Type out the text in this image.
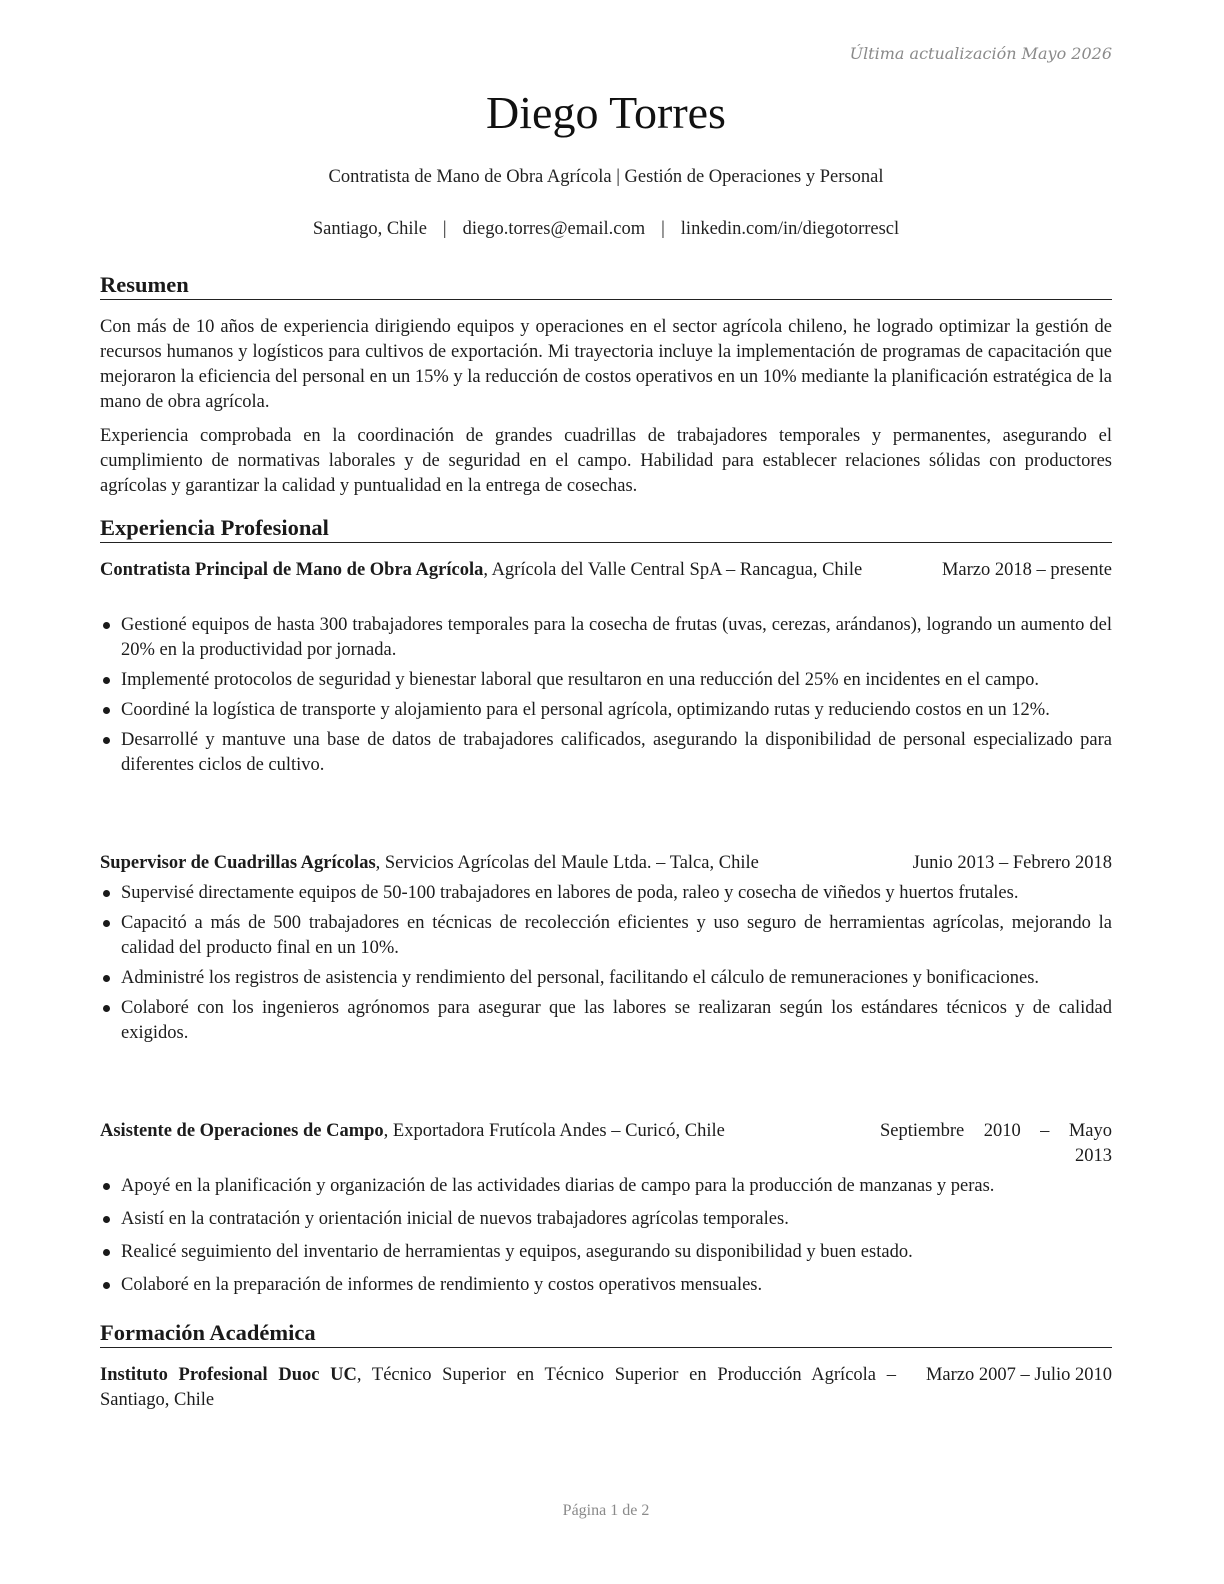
Última actualización Mayo 2026
Diego Torres
Contratista de Mano de Obra Agrícola | Gestión de Operaciones y Personal
Santiago, Chile | diego.torres@email.com | linkedin.com/in/diegotorrescl
Resumen
Con más de 10 años de experiencia dirigiendo equipos y operaciones en el sector agrícola chileno, he logrado optimizar la gestión de recursos humanos y logísticos para cultivos de exportación. Mi trayectoria incluye la implementación de programas de capacitación que mejoraron la eficiencia del personal en un 15% y la reducción de costos operativos en un 10% mediante la planificación estratégica de la mano de obra agrícola.
Experiencia comprobada en la coordinación de grandes cuadrillas de trabajadores temporales y permanentes, asegurando el cumplimiento de normativas laborales y de seguridad en el campo. Habilidad para establecer relaciones sólidas con productores agrícolas y garantizar la calidad y puntualidad en la entrega de cosechas.
Experiencia Profesional
Marzo 2018 – presente
Contratista Principal de Mano de Obra Agrícola, Agrícola del Valle Central SpA – Rancagua, Chile
Gestioné equipos de hasta 300 trabajadores temporales para la cosecha de frutas (uvas, cerezas, arándanos), logrando un aumento del 20% en la productividad por jornada.
Implementé protocolos de seguridad y bienestar laboral que resultaron en una reducción del 25% en incidentes en el campo.
Coordiné la logística de transporte y alojamiento para el personal agrícola, optimizando rutas y reduciendo costos en un 12%.
Desarrollé y mantuve una base de datos de trabajadores calificados, asegurando la disponibilidad de personal especializado para diferentes ciclos de cultivo.
Junio 2013 – Febrero 2018
Supervisor de Cuadrillas Agrícolas, Servicios Agrícolas del Maule Ltda. – Talca, Chile
Supervisé directamente equipos de 50-100 trabajadores en labores de poda, raleo y cosecha de viñedos y huertos frutales.
Capacitó a más de 500 trabajadores en técnicas de recolección eficientes y uso seguro de herramientas agrícolas, mejorando la calidad del producto final en un 10%.
Administré los registros de asistencia y rendimiento del personal, facilitando el cálculo de remuneraciones y bonificaciones.
Colaboré con los ingenieros agrónomos para asegurar que las labores se realizaran según los estándares técnicos y de calidad exigidos.
Septiembre 2010 – Mayo 2013
Asistente de Operaciones de Campo, Exportadora Frutícola Andes – Curicó, Chile
Apoyé en la planificación y organización de las actividades diarias de campo para la producción de manzanas y peras.
Asistí en la contratación y orientación inicial de nuevos trabajadores agrícolas temporales.
Realicé seguimiento del inventario de herramientas y equipos, asegurando su disponibilidad y buen estado.
Colaboré en la preparación de informes de rendimiento y costos operativos mensuales.
Formación Académica
Marzo 2007 – Julio 2010
Instituto Profesional Duoc UC, Técnico Superior en Técnico Superior en Producción Agrícola – Santiago, Chile
Página 1 de 2
